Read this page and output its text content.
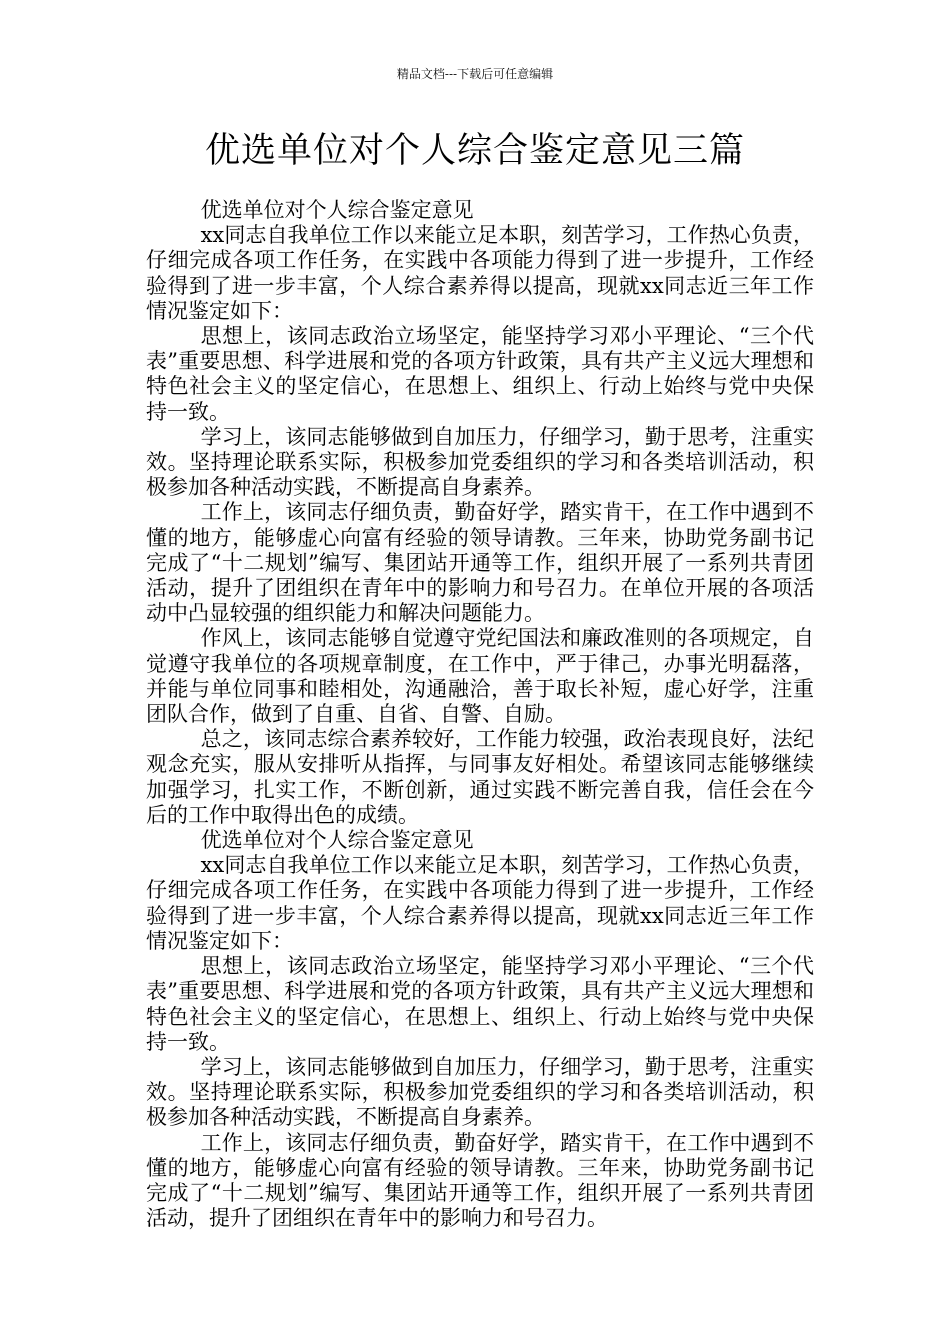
精品文档---下载后可任意编辑
优选单位对个人综合鉴定意见三篇

优选单位对个人综合鉴定意见

xx同志自我单位工作以来能立足本职，刻苦学习，工作热心负责，仔细完成各项工作任务，在实践中各项能力得到了进一步提升，工作经验得到了进一步丰富，个人综合素养得以提高，现就xx同志近三年工作情况鉴定如下：

思想上，该同志政治立场坚定，能坚持学习邓小平理论、“三个代表”重要思想、科学进展和党的各项方针政策，具有共产主义远大理想和特色社会主义的坚定信心，在思想上、组织上、行动上始终与党中央保持一致。

学习上，该同志能够做到自加压力，仔细学习，勤于思考，注重实效。坚持理论联系实际，积极参加党委组织的学习和各类培训活动，积极参加各种活动实践，不断提高自身素养。

工作上，该同志仔细负责，勤奋好学，踏实肯干，在工作中遇到不懂的地方，能够虚心向富有经验的领导请教。三年来，协助党务副书记完成了“十二规划”编写、集团站开通等工作，组织开展了一系列共青团活动，提升了团组织在青年中的影响力和号召力。在单位开展的各项活动中凸显较强的组织能力和解决问题能力。

作风上，该同志能够自觉遵守党纪国法和廉政准则的各项规定，自觉遵守我单位的各项规章制度，在工作中，严于律己，办事光明磊落，并能与单位同事和睦相处，沟通融洽，善于取长补短，虚心好学，注重团队合作，做到了自重、自省、自警、自励。

总之，该同志综合素养较好，工作能力较强，政治表现良好，法纪观念充实，服从安排听从指挥，与同事友好相处。希望该同志能够继续加强学习，扎实工作，不断创新，通过实践不断完善自我，信任会在今后的工作中取得出色的成绩。

优选单位对个人综合鉴定意见

xx同志自我单位工作以来能立足本职，刻苦学习，工作热心负责，仔细完成各项工作任务，在实践中各项能力得到了进一步提升，工作经验得到了进一步丰富，个人综合素养得以提高，现就xx同志近三年工作情况鉴定如下：

思想上，该同志政治立场坚定，能坚持学习邓小平理论、“三个代表”重要思想、科学进展和党的各项方针政策，具有共产主义远大理想和特色社会主义的坚定信心，在思想上、组织上、行动上始终与党中央保持一致。

学习上，该同志能够做到自加压力，仔细学习，勤于思考，注重实效。坚持理论联系实际，积极参加党委组织的学习和各类培训活动，积极参加各种活动实践，不断提高自身素养。

工作上，该同志仔细负责，勤奋好学，踏实肯干，在工作中遇到不懂的地方，能够虚心向富有经验的领导请教。三年来，协助党务副书记完成了“十二规划”编写、集团站开通等工作，组织开展了一系列共青团活动，提升了团组织在青年中的影响力和号召力。
